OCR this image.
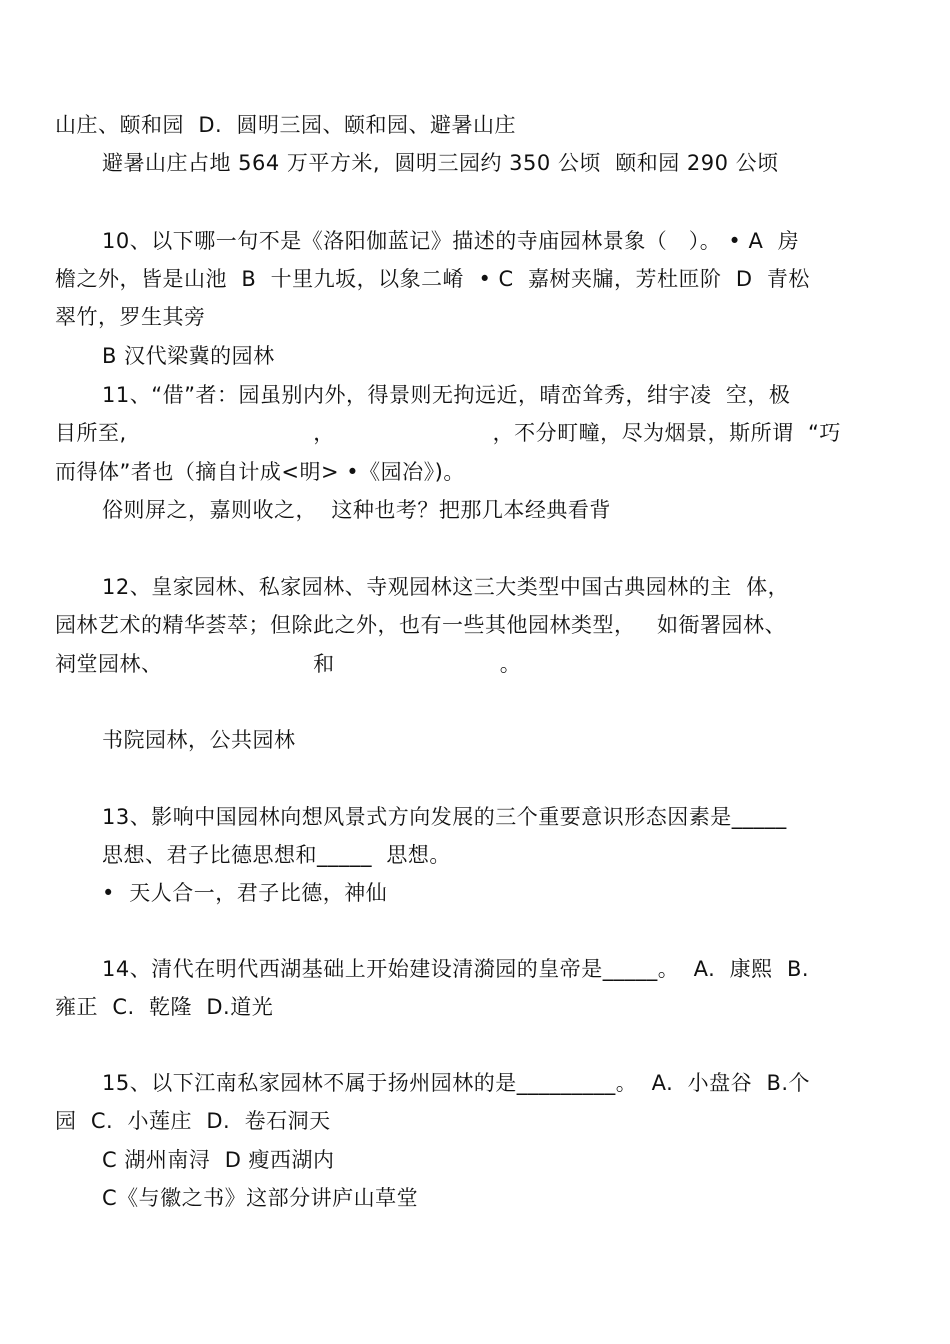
山庄、颐和园  D.  圆明三园、颐和园、避暑山庄
避暑山庄占地 564 万平方米,  圆明三园约 350 公顷  颐和园 290 公顷
10、以下哪一句不是《洛阳伽蓝记》描述的寺庙园林景象（   ）。 • A  房
檐之外，皆是山池  B  十里九坂，以象二崤  • C  嘉树夹牖，芳杜匝阶  D  青松
翠竹，罗生其旁
B 汉代梁冀的园林
11、“借”者：园虽别内外，得景则无拘远近，晴峦耸秀，绀宇凌  空，极
目所至,                          ，                      ，不分町疃，尽为烟景，斯所谓  “巧
而得体”者也（摘自计成<明> •《园冶》)。
俗则屏之，嘉则收之，  这种也考？把那几本经典看背
12、皇家园林、私家园林、寺观园林这三大类型中国古典园林的主  体，
园林艺术的精华荟萃；但除此之外，也有一些其他园林类型，   如衙署园林、
祠堂园林、                     和                       。
书院园林，公共园林
13、影响中国园林向想风景式方向发展的三个重要意识形态因素是_____
思想、君子比德思想和_____  思想。
•  天人合一，君子比德，神仙
14、清代在明代西湖基础上开始建设清漪园的皇帝是_____。  A.  康熙  B.
雍正  C.  乾隆  D.道光
15、以下江南私家园林不属于扬州园林的是_________。  A.  小盘谷  B.个
园  C.  小莲庄  D.  卷石洞天
C 湖州南浔  D 瘦西湖内
C《与徽之书》这部分讲庐山草堂
